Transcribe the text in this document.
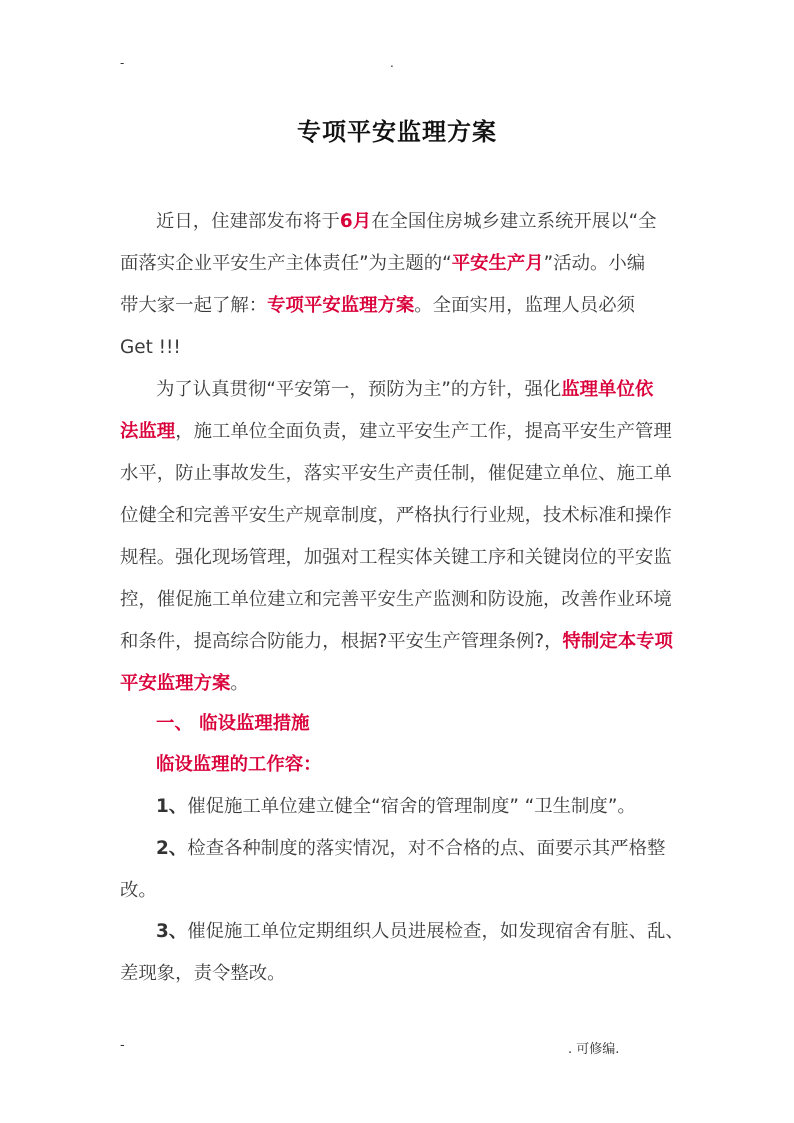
-	.
专项平安监理方案
近日，住建部发布将于6月在全国住房城乡建立系统开展以“全
面落实企业平安生产主体责任”为主题的“平安生产月”活动。小编
带大家一起了解：专项平安监理方案。全面实用，监理人员必须
Get !!!
为了认真贯彻“平安第一，预防为主”的方针，强化监理单位依
法监理，施工单位全面负责，建立平安生产工作，提高平安生产管理
水平，防止事故发生，落实平安生产责任制，催促建立单位、施工单
位健全和完善平安生产规章制度，严格执行行业规，技术标准和操作
规程。强化现场管理，加强对工程实体关键工序和关键岗位的平安监
控，催促施工单位建立和完善平安生产监测和防设施，改善作业环境
和条件，提高综合防能力，根据?平安生产管理条例?，特制定本专项
平安监理方案。
一、 临设监理措施
临设监理的工作容：
1、催促施工单位建立健全“宿舍的管理制度” “卫生制度”。
2、检查各种制度的落实情况，对不合格的点、面要示其严格整
改。
3、催促施工单位定期组织人员进展检查，如发现宿舍有脏、乱、
差现象，责令整改。
-	. 可修编.
